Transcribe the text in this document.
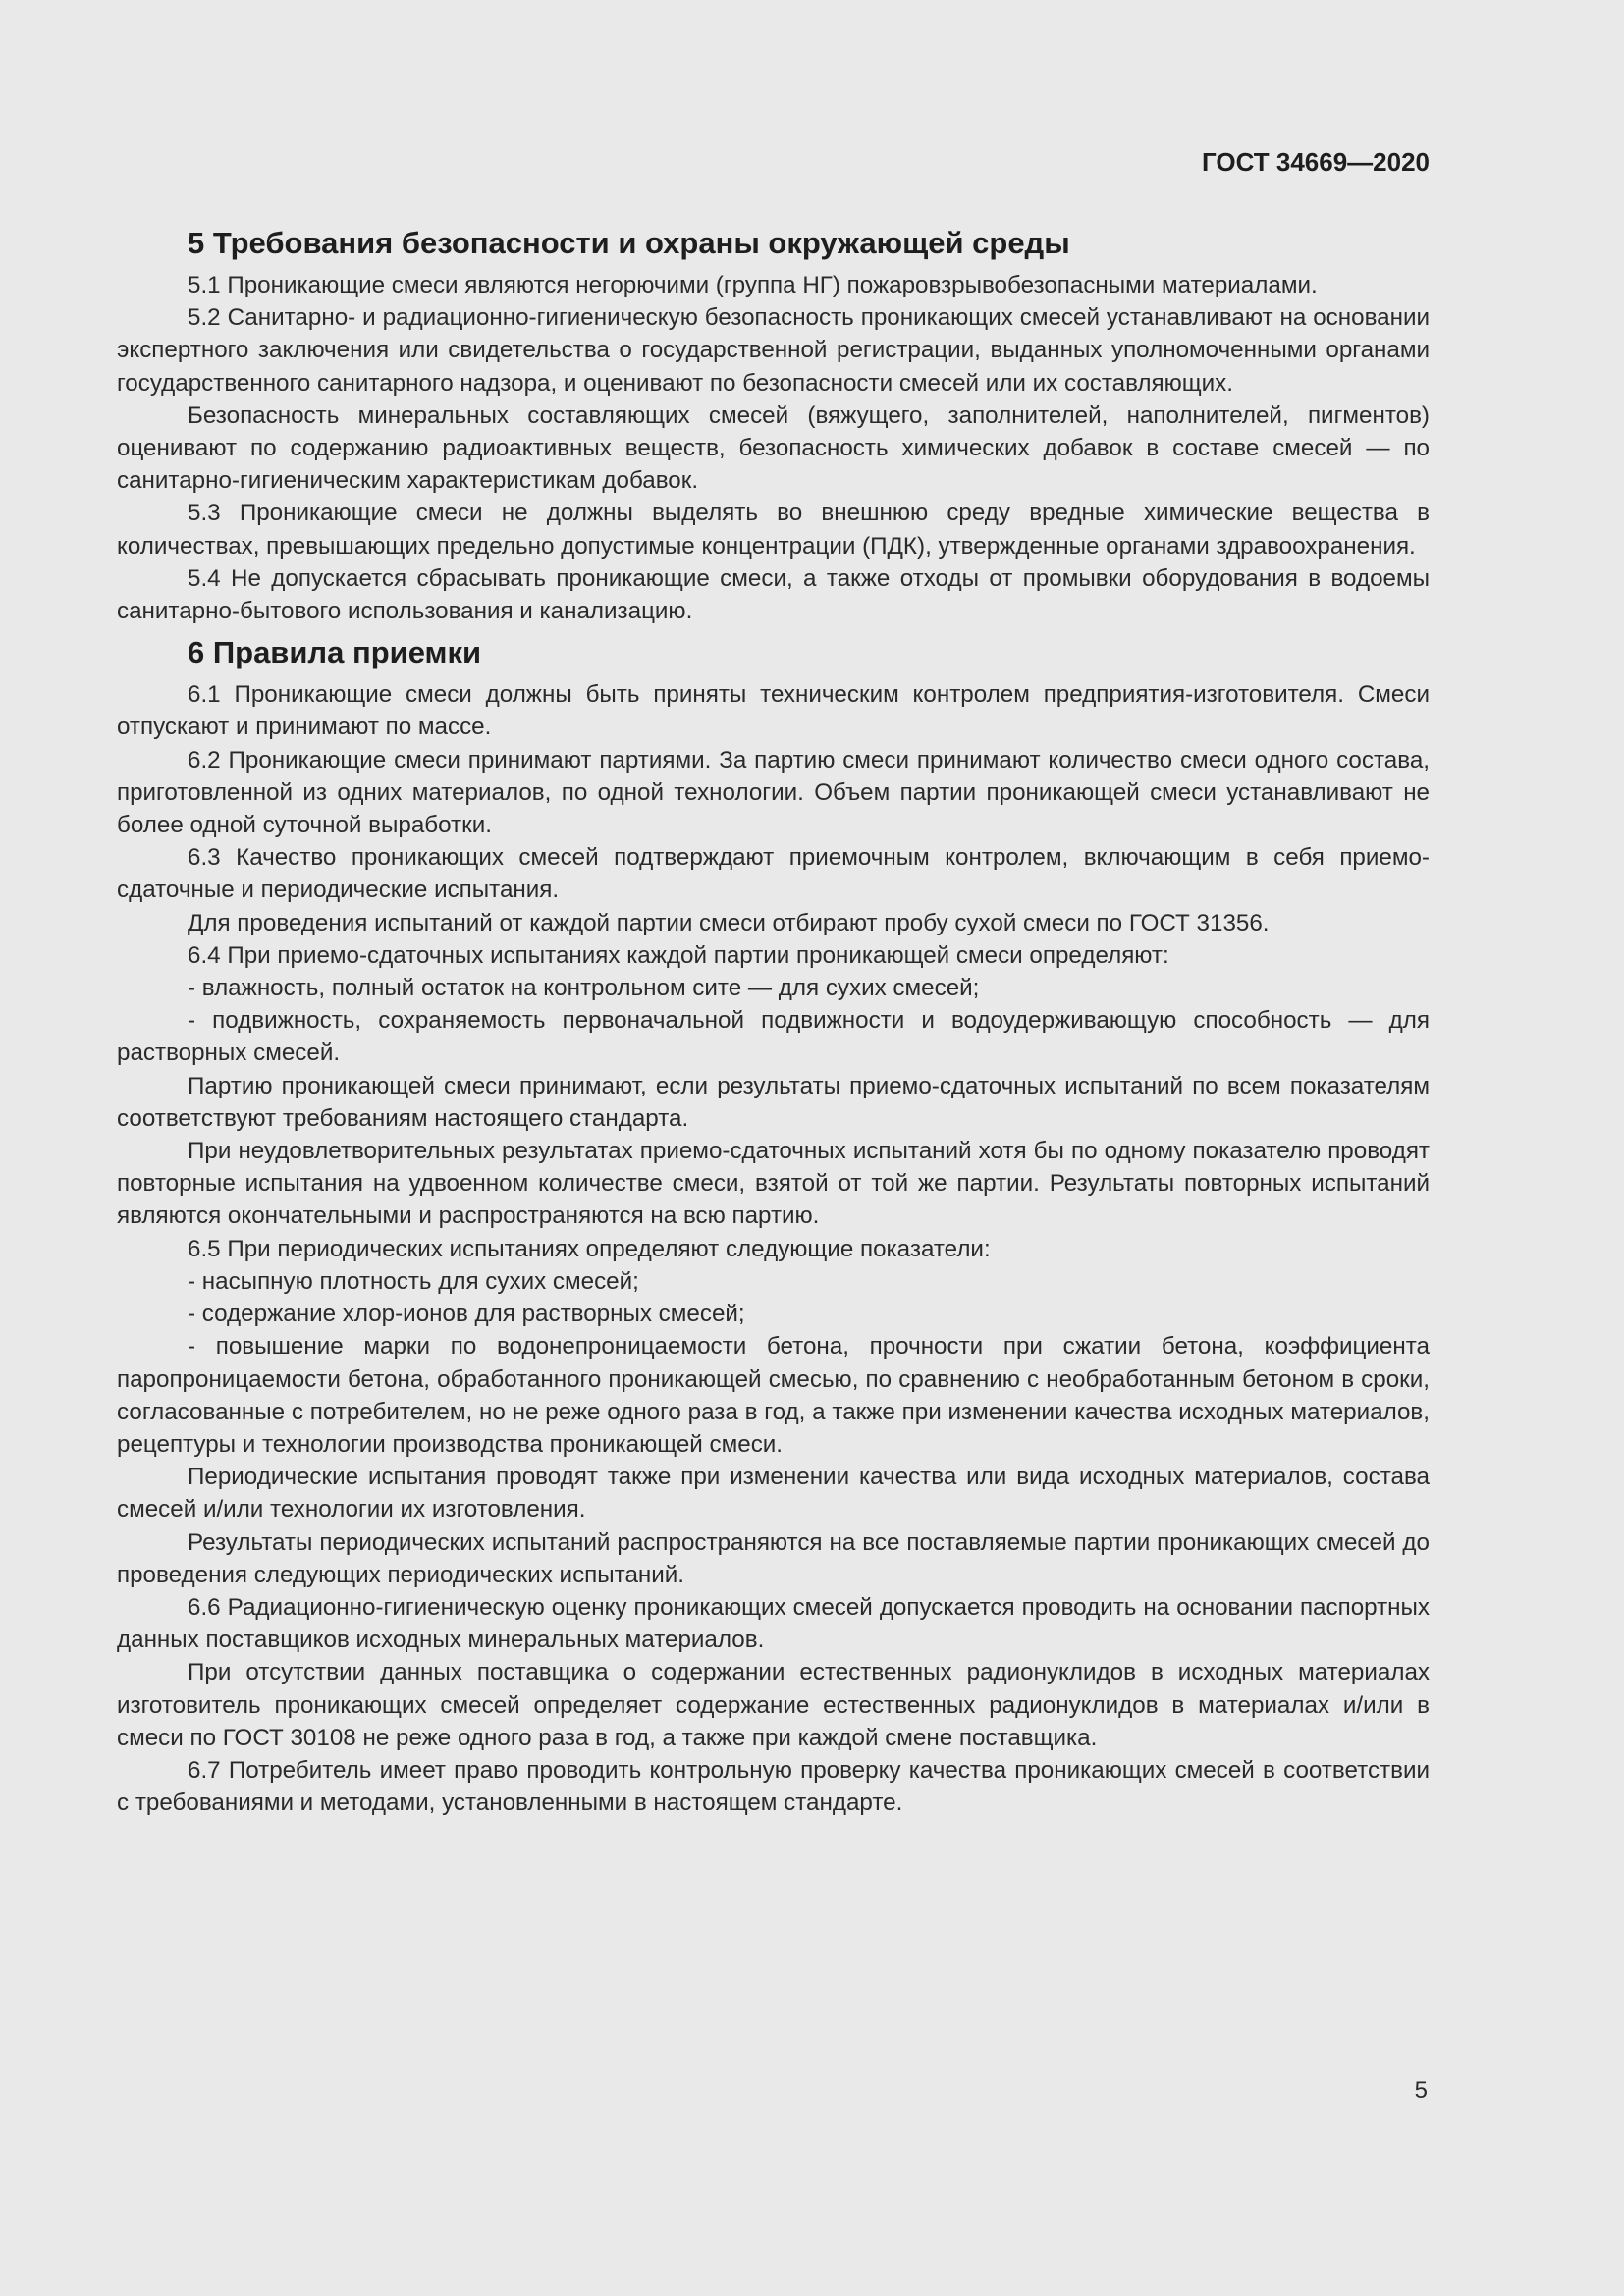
ГОСТ 34669—2020
5 Требования безопасности и охраны окружающей среды

5.1 Проникающие смеси являются негорючими (группа НГ) пожаровзрывобезопасными материалами.

5.2 Санитарно- и радиационно-гигиеническую безопасность проникающих смесей устанавливают на основании экспертного заключения или свидетельства о государственной регистрации, выданных уполномоченными органами государственного санитарного надзора, и оценивают по безопасности смесей или их составляющих.

Безопасность минеральных составляющих смесей (вяжущего, заполнителей, наполнителей, пигментов) оценивают по содержанию радиоактивных веществ, безопасность химических добавок в составе смесей — по санитарно-гигиеническим характеристикам добавок.

5.3 Проникающие смеси не должны выделять во внешнюю среду вредные химические вещества в количествах, превышающих предельно допустимые концентрации (ПДК), утвержденные органами здравоохранения.

5.4 Не допускается сбрасывать проникающие смеси, а также отходы от промывки оборудования в водоемы санитарно-бытового использования и канализацию.

6 Правила приемки

6.1 Проникающие смеси должны быть приняты техническим контролем предприятия-изготовителя. Смеси отпускают и принимают по массе.

6.2 Проникающие смеси принимают партиями. За партию смеси принимают количество смеси одного состава, приготовленной из одних материалов, по одной технологии. Объем партии проникающей смеси устанавливают не более одной суточной выработки.

6.3 Качество проникающих смесей подтверждают приемочным контролем, включающим в себя приемо-сдаточные и периодические испытания.

Для проведения испытаний от каждой партии смеси отбирают пробу сухой смеси по ГОСТ 31356.

6.4 При приемо-сдаточных испытаниях каждой партии проникающей смеси определяют:

- влажность, полный остаток на контрольном сите — для сухих смесей;

- подвижность, сохраняемость первоначальной подвижности и водоудерживающую способность — для растворных смесей.

Партию проникающей смеси принимают, если результаты приемо-сдаточных испытаний по всем показателям соответствуют требованиям настоящего стандарта.

При неудовлетворительных результатах приемо-сдаточных испытаний хотя бы по одному показателю проводят повторные испытания на удвоенном количестве смеси, взятой от той же партии. Результаты повторных испытаний являются окончательными и распространяются на всю партию.

6.5 При периодических испытаниях определяют следующие показатели:

- насыпную плотность для сухих смесей;

- содержание хлор-ионов для растворных смесей;

- повышение марки по водонепроницаемости бетона, прочности при сжатии бетона, коэффициента паропроницаемости бетона, обработанного проникающей смесью, по сравнению с необработанным бетоном в сроки, согласованные с потребителем, но не реже одного раза в год, а также при изменении качества исходных материалов, рецептуры и технологии производства проникающей смеси.

Периодические испытания проводят также при изменении качества или вида исходных материалов, состава смесей и/или технологии их изготовления.

Результаты периодических испытаний распространяются на все поставляемые партии проникающих смесей до проведения следующих периодических испытаний.

6.6 Радиационно-гигиеническую оценку проникающих смесей допускается проводить на основании паспортных данных поставщиков исходных минеральных материалов.

При отсутствии данных поставщика о содержании естественных радионуклидов в исходных материалах изготовитель проникающих смесей определяет содержание естественных радионуклидов в материалах и/или в смеси по ГОСТ 30108 не реже одного раза в год, а также при каждой смене поставщика.

6.7 Потребитель имеет право проводить контрольную проверку качества проникающих смесей в соответствии с требованиями и методами, установленными в настоящем стандарте.

5
